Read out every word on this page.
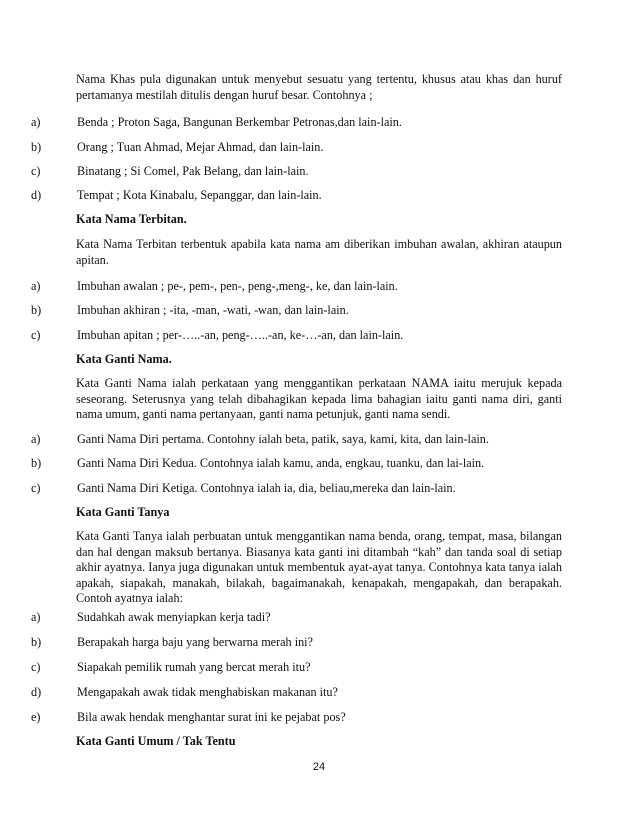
Nama Khas pula digunakan untuk menyebut sesuatu yang tertentu, khusus atau khas dan huruf pertamanya mestilah ditulis dengan huruf besar. Contohnya ;
a)	Benda ; Proton Saga, Bangunan Berkembar Petronas,dan lain-lain.
b)	Orang ; Tuan Ahmad, Mejar Ahmad, dan lain-lain.
c)	Binatang ; Si Comel, Pak Belang, dan lain-lain.
d)	Tempat ; Kota Kinabalu, Sepanggar, dan lain-lain.
Kata Nama Terbitan.
Kata Nama Terbitan terbentuk apabila kata nama am diberikan imbuhan awalan, akhiran ataupun apitan.
a)	Imbuhan awalan ; pe-, pem-, pen-, peng-,meng-, ke, dan lain-lain.
b)	Imbuhan akhiran ; -ita, -man, -wati, -wan, dan lain-lain.
c)	Imbuhan apitan ; per-…..-an, peng-…..-an, ke-…-an, dan lain-lain.
Kata Ganti Nama.
Kata Ganti Nama ialah perkataan yang menggantikan perkataan NAMA iaitu merujuk kepada seseorang. Seterusnya yang telah dibahagikan kepada lima bahagian iaitu ganti nama diri, ganti nama umum, ganti nama pertanyaan, ganti nama petunjuk, ganti nama sendi.
a)	Ganti Nama Diri pertama. Contohny ialah beta, patik, saya, kami, kita, dan lain-lain.
b)	Ganti Nama Diri Kedua. Contohnya ialah kamu, anda, engkau, tuanku, dan lai-lain.
c)	Ganti Nama Diri Ketiga. Contohnya ialah ia, dia, beliau,mereka dan lain-lain.
Kata Ganti Tanya
Kata Ganti Tanya ialah perbuatan untuk menggantikan nama benda, orang, tempat, masa, bilangan dan hal dengan maksub bertanya. Biasanya kata ganti ini ditambah “kah” dan tanda soal di setiap akhir ayatnya. Ianya juga digunakan untuk membentuk ayat-ayat tanya. Contohnya kata tanya ialah apakah, siapakah, manakah, bilakah, bagaimanakah, kenapakah, mengapakah, dan berapakah. Contoh ayatnya ialah:
a)	Sudahkah awak menyiapkan kerja tadi?
b)	Berapakah harga baju yang berwarna merah ini?
c)	Siapakah pemilik rumah yang bercat merah itu?
d)	Mengapakah awak tidak menghabiskan makanan itu?
e)	Bila awak hendak menghantar surat ini ke pejabat pos?
Kata Ganti Umum / Tak Tentu
24
